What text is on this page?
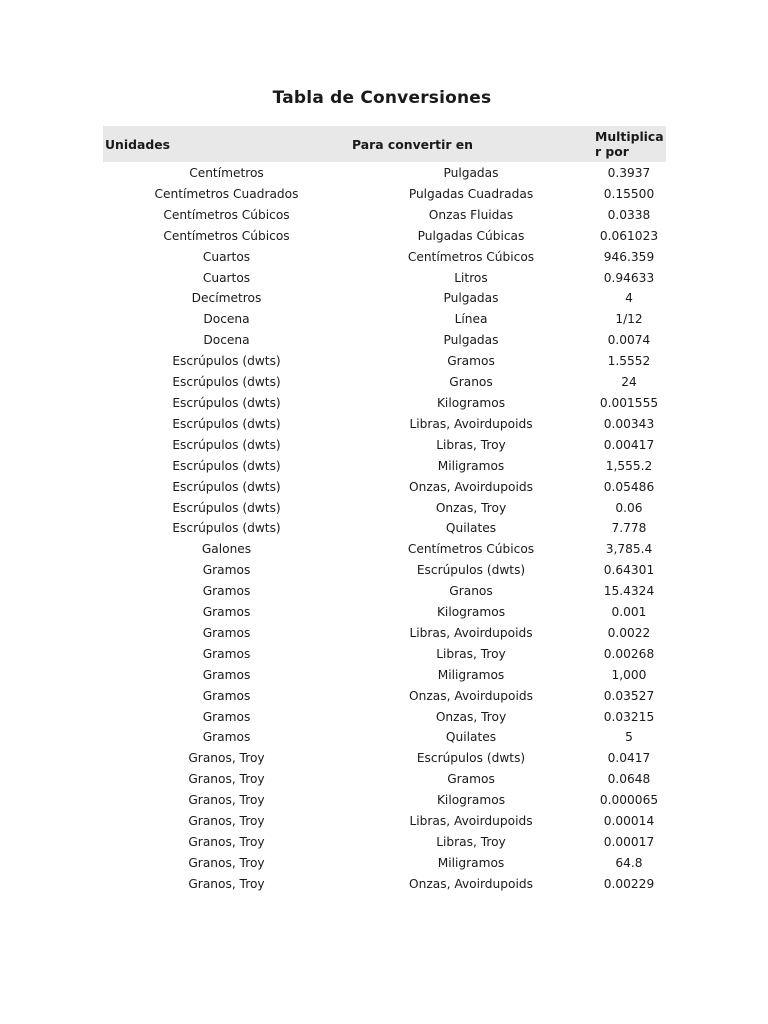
Tabla de Conversiones
Unidades	Para convertir en	Multiplicar por
Centímetros	Pulgadas	0.3937
Centímetros Cuadrados	Pulgadas Cuadradas	0.15500
Centímetros Cúbicos	Onzas Fluidas	0.0338
Centímetros Cúbicos	Pulgadas Cúbicas	0.061023
Cuartos	Centímetros Cúbicos	946.359
Cuartos	Litros	0.94633
Decímetros	Pulgadas	4
Docena	Línea	1/12
Docena	Pulgadas	0.0074
Escrúpulos (dwts)	Gramos	1.5552
Escrúpulos (dwts)	Granos	24
Escrúpulos (dwts)	Kilogramos	0.001555
Escrúpulos (dwts)	Libras, Avoirdupoids	0.00343
Escrúpulos (dwts)	Libras, Troy	0.00417
Escrúpulos (dwts)	Miligramos	1,555.2
Escrúpulos (dwts)	Onzas, Avoirdupoids	0.05486
Escrúpulos (dwts)	Onzas, Troy	0.06
Escrúpulos (dwts)	Quilates	7.778
Galones	Centímetros Cúbicos	3,785.4
Gramos	Escrúpulos (dwts)	0.64301
Gramos	Granos	15.4324
Gramos	Kilogramos	0.001
Gramos	Libras, Avoirdupoids	0.0022
Gramos	Libras, Troy	0.00268
Gramos	Miligramos	1,000
Gramos	Onzas, Avoirdupoids	0.03527
Gramos	Onzas, Troy	0.03215
Gramos	Quilates	5
Granos, Troy	Escrúpulos (dwts)	0.0417
Granos, Troy	Gramos	0.0648
Granos, Troy	Kilogramos	0.000065
Granos, Troy	Libras, Avoirdupoids	0.00014
Granos, Troy	Libras, Troy	0.00017
Granos, Troy	Miligramos	64.8
Granos, Troy	Onzas, Avoirdupoids	0.00229
